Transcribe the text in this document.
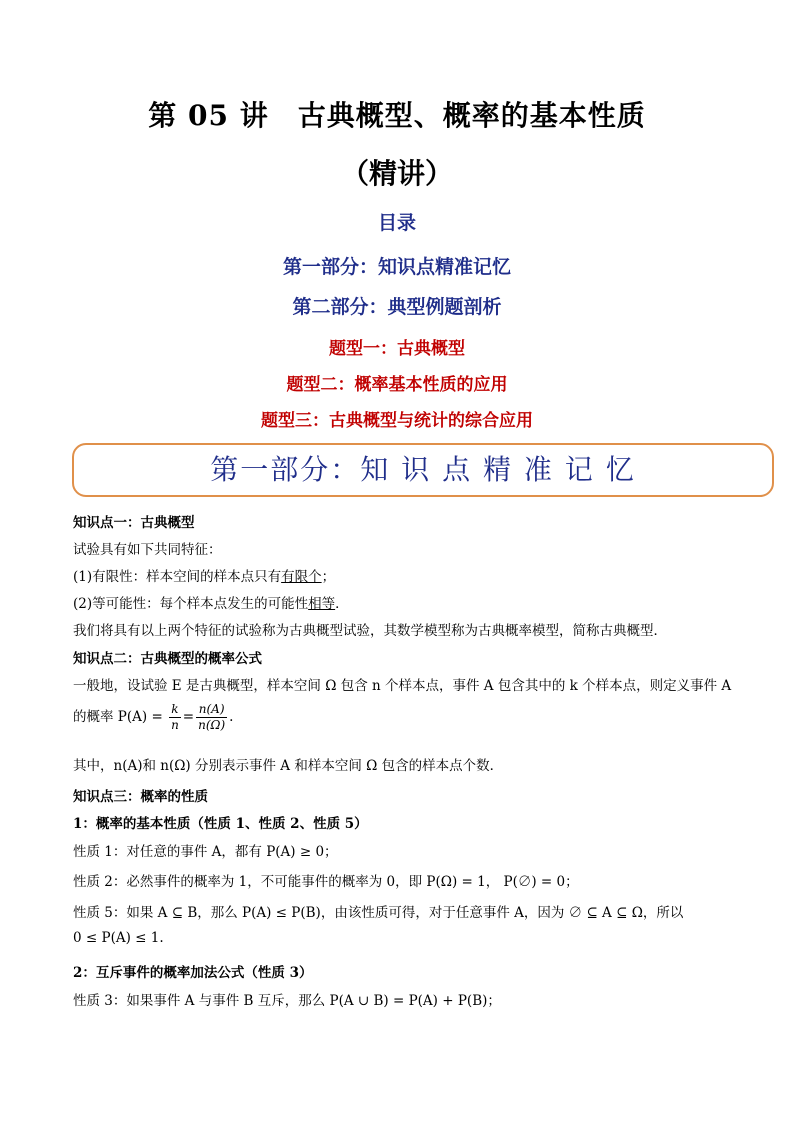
第 05 讲　古典概型、概率的基本性质
（精讲）
目录
第一部分：知识点精准记忆
第二部分：典型例题剖析
题型一：古典概型
题型二：概率基本性质的应用
题型三：古典概型与统计的综合应用
第一部分：知 识 点 精 准 记 忆
知识点一：古典概型
试验具有如下共同特征：
(1)有限性：样本空间的样本点只有有限个；
(2)等可能性：每个样本点发生的可能性相等．
我们将具有以上两个特征的试验称为古典概型试验，其数学模型称为古典概率模型，简称古典概型．
知识点二：古典概型的概率公式
一般地，设试验 E 是古典概型，样本空间 Ω 包含 n 个样本点，事件 A 包含其中的 k 个样本点，则定义事件 A
的概率 $P(A) = \frac{k}{n} = \frac{n(A)}{n(\Omega)}$ .
其中，n(A)和 n(Ω) 分别表示事件 A 和样本空间 Ω 包含的样本点个数．
知识点三：概率的性质
1：概率的基本性质（性质 1、性质 2、性质 5）
性质 1：对任意的事件 A，都有 P(A) ≥ 0；
性质 2：必然事件的概率为 1，不可能事件的概率为 0，即 P(Ω) = 1， P(∅) = 0；
性质 5：如果 A ⊆ B，那么 P(A) ≤ P(B)，由该性质可得，对于任意事件 A，因为 ∅ ⊆ A ⊆ Ω，所以
0 ≤ P(A) ≤ 1.
2：互斥事件的概率加法公式（性质 3）
性质 3：如果事件 A 与事件 B 互斥，那么 P(A ∪ B) = P(A) + P(B)；
